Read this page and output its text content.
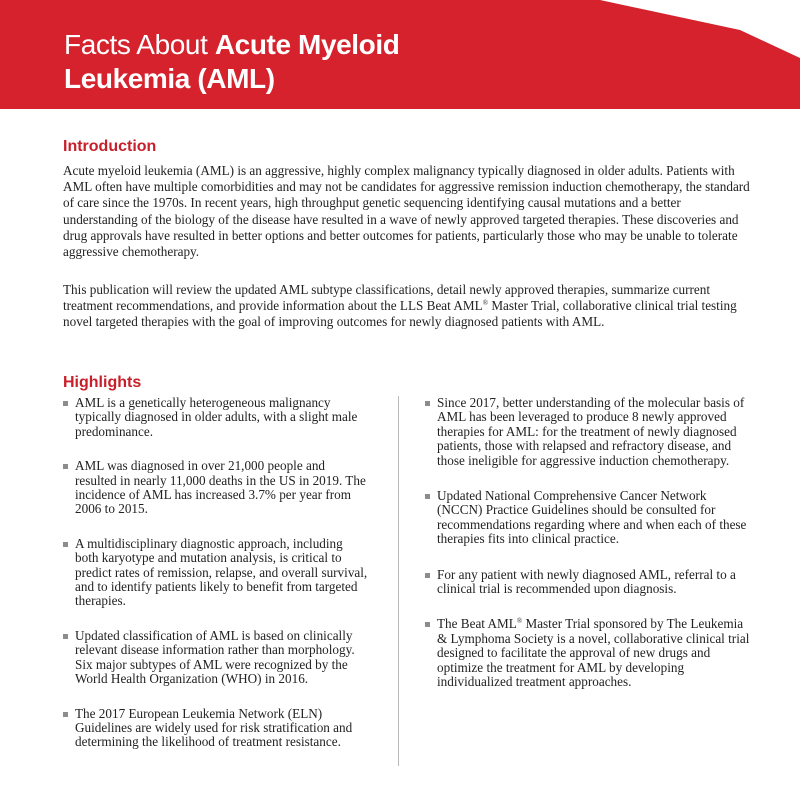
Facts About Acute Myeloid
Leukemia (AML)
Introduction

Acute myeloid leukemia (AML) is an aggressive, highly complex malignancy typically diagnosed in older adults. Patients with AML often have multiple comorbidities and may not be candidates for aggressive remission induction chemotherapy, the standard of care since the 1970s. In recent years, high throughput genetic sequencing identifying causal mutations and a better understanding of the biology of the disease have resulted in a wave of newly approved targeted therapies. These discoveries and drug approvals have resulted in better options and better outcomes for patients, particularly those who may be unable to tolerate aggressive chemotherapy.

This publication will review the updated AML subtype classifications, detail newly approved therapies, summarize current treatment recommendations, and provide information about the LLS Beat AML® Master Trial, collaborative clinical trial testing novel targeted therapies with the goal of improving outcomes for newly diagnosed patients with AML.

Highlights
AML is a genetically heterogeneous malignancy typically diagnosed in older adults, with a slight male predominance.
AML was diagnosed in over 21,000 people and resulted in nearly 11,000 deaths in the US in 2019. The incidence of AML has increased 3.7% per year from 2006 to 2015.
A multidisciplinary diagnostic approach, including both karyotype and mutation analysis, is critical to predict rates of remission, relapse, and overall survival, and to identify patients likely to benefit from targeted therapies.
Updated classification of AML is based on clinically relevant disease information rather than morphology. Six major subtypes of AML were recognized by the World Health Organization (WHO) in 2016.
The 2017 European Leukemia Network (ELN) Guidelines are widely used for risk stratification and determining the likelihood of treatment resistance.
Since 2017, better understanding of the molecular basis of AML has been leveraged to produce 8 newly approved therapies for AML: for the treatment of newly diagnosed patients, those with relapsed and refractory disease, and those ineligible for aggressive induction chemotherapy.
Updated National Comprehensive Cancer Network (NCCN) Practice Guidelines should be consulted for recommendations regarding where and when each of these therapies fits into clinical practice.
For any patient with newly diagnosed AML, referral to a clinical trial is recommended upon diagnosis.
The Beat AML® Master Trial sponsored by The Leukemia & Lymphoma Society is a novel, collaborative clinical trial designed to facilitate the approval of new drugs and optimize the treatment for AML by developing individualized treatment approaches.
